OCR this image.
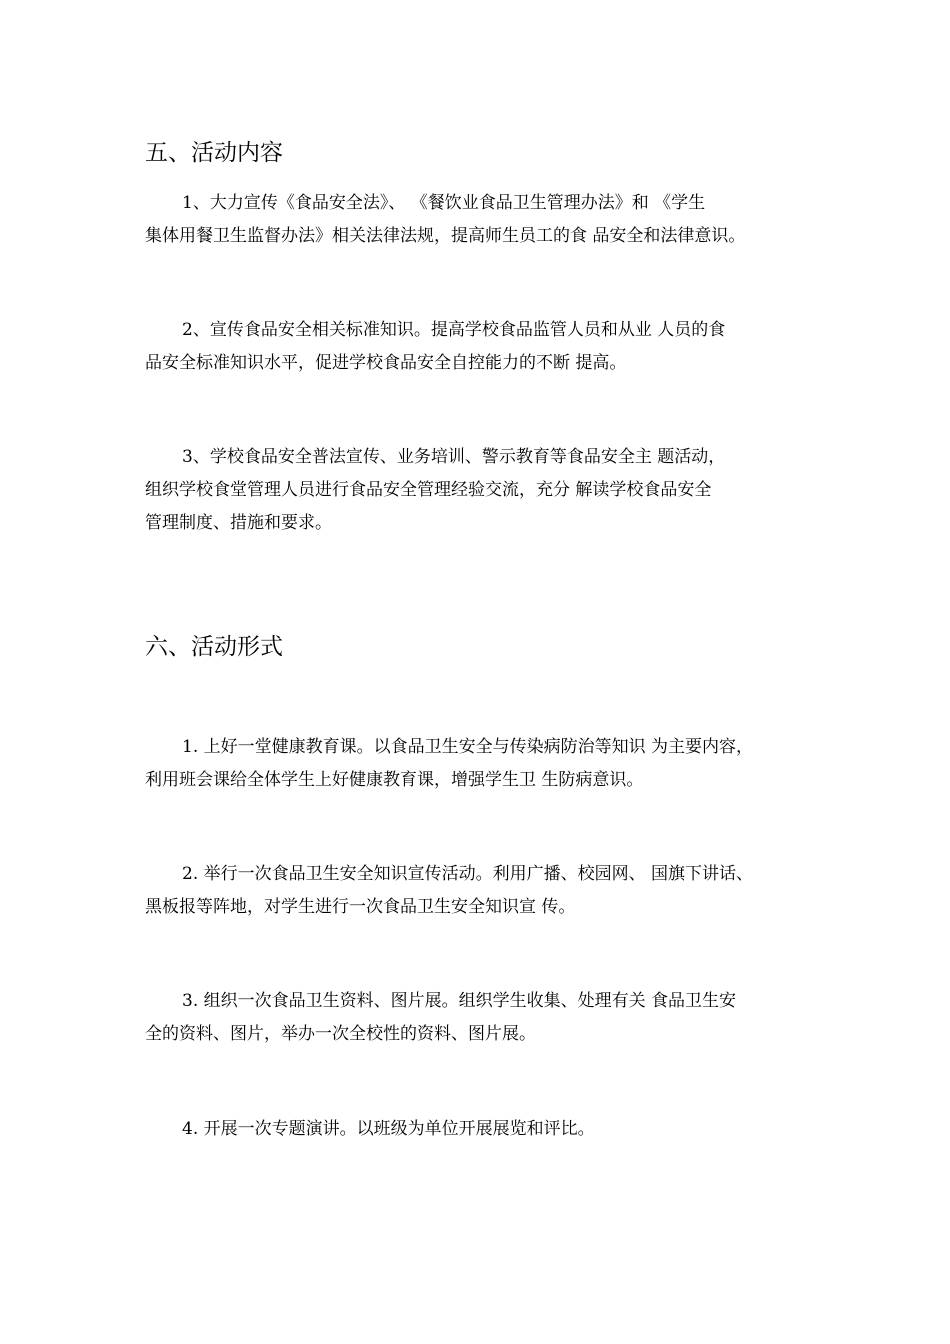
五、活动内容

1、大力宣传《食品安全法》、 《餐饮业食品卫生管理办法》和 《学生
集体用餐卫生监督办法》相关法律法规，提高师生员工的食 品安全和法律意识。

2、宣传食品安全相关标准知识。提高学校食品监管人员和从业 人员的食
品安全标准知识水平，促进学校食品安全自控能力的不断 提高。

3、学校食品安全普法宣传、业务培训、警示教育等食品安全主 题活动，
组织学校食堂管理人员进行食品安全管理经验交流，充分 解读学校食品安全
管理制度、措施和要求。

六、活动形式

1. 上好一堂健康教育课。以食品卫生安全与传染病防治等知识 为主要内容，
利用班会课给全体学生上好健康教育课，增强学生卫 生防病意识。

2. 举行一次食品卫生安全知识宣传活动。利用广播、校园网、 国旗下讲话、
黑板报等阵地，对学生进行一次食品卫生安全知识宣 传。

3. 组织一次食品卫生资料、图片展。组织学生收集、处理有关 食品卫生安
全的资料、图片，举办一次全校性的资料、图片展。

4. 开展一次专题演讲。以班级为单位开展展览和评比。
